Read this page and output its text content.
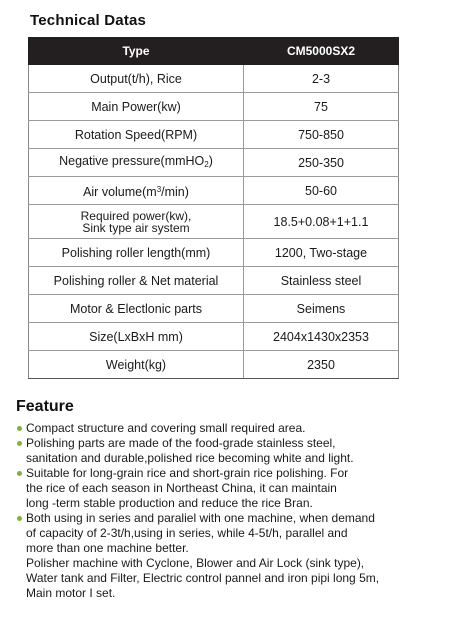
Technical Datas
Type	CM5000SX2
Output(t/h), Rice	2-3
Main Power(kw)	75
Rotation Speed(RPM)	750-850
Negative pressure(mmHO$_2$)	250-350
Air $volume(m^3/\min)$	50-60
Required power(kw),
Sink type air system	18.5+0.08+1+1.1
Polishing roller length(mm)	1200, Two-stage
Polishing roller & Net material	Stainless steel
Motor & Electlonic parts	Seimens
Size(LxBxH mm)	2404x1430x2353
Weight(kg)	2350
Feature
Compact structure and covering small required area.
Polishing parts are made of the food-grade stainless steel,
sanitation and durable,polished rice becoming white and light.
Suitable for long-grain rice and short-grain rice polishing. For
the rice of each season in Northeast China, it can maintain
long -term stable production and reduce the rice Bran.
Both using in series and paraliel with one machine, when demand
of capacity of 2-3t/h,using in series, while 4-5t/h, parallel and
more than one machine better.
Polisher machine with Cyclone, Blower and Air Lock (sink type),
Water tank and Filter, Electric control pannel and iron pipi long 5m,
Main motor I set.
